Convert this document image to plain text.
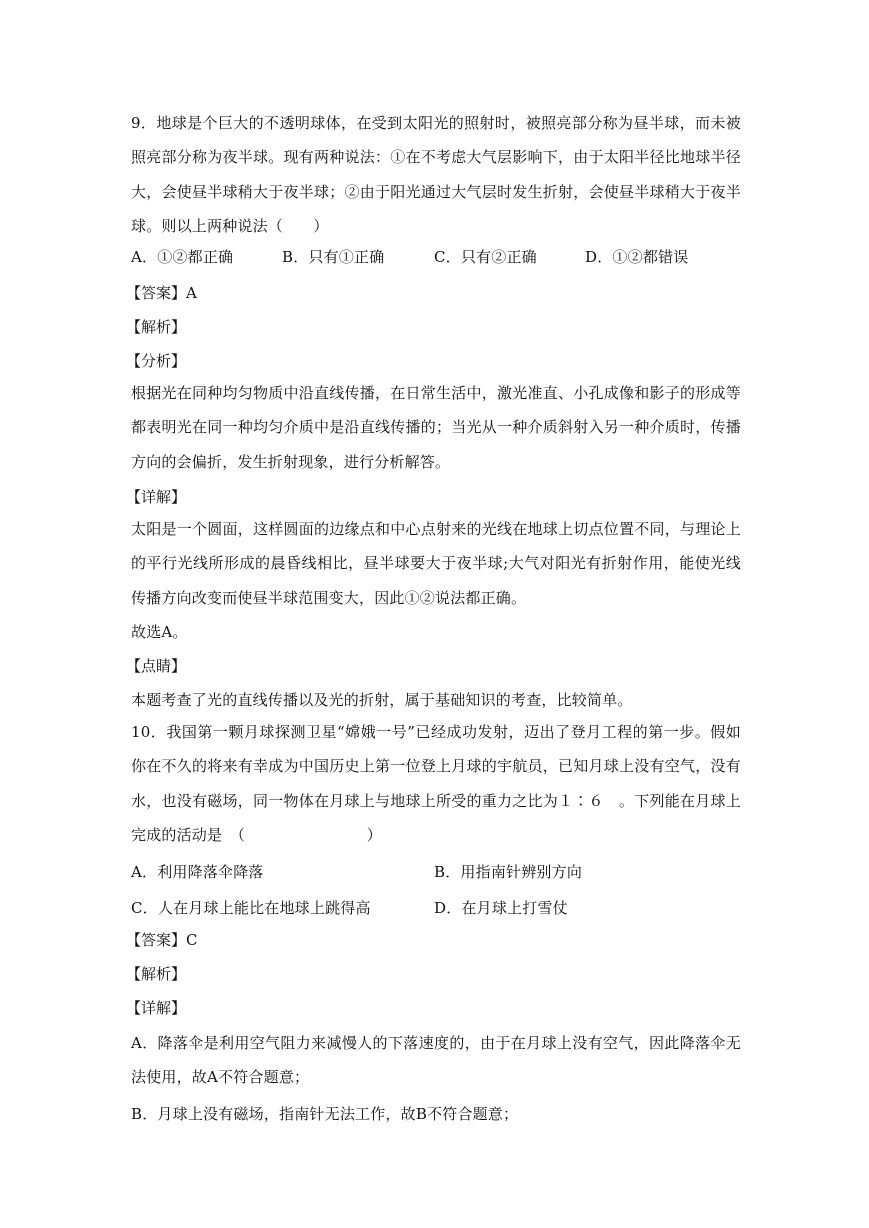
9．地球是个巨大的不透明球体，在受到太阳光的照射时，被照亮部分称为昼半球，而未被照亮部分称为夜半球。现有两种说法：①在不考虑大气层影响下，由于太阳半径比地球半径大，会使昼半球稍大于夜半球；②由于阳光通过大气层时发生折射，会使昼半球稍大于夜半球。则以上两种说法（　　）
A．①②都正确	B．只有①正确	C．只有②正确	D．①②都错误
【答案】A
【解析】
【分析】
根据光在同种均匀物质中沿直线传播，在日常生活中，激光准直、小孔成像和影子的形成等都表明光在同一种均匀介质中是沿直线传播的；当光从一种介质斜射入另一种介质时，传播方向的会偏折，发生折射现象，进行分析解答。
【详解】
太阳是一个圆面，这样圆面的边缘点和中心点射来的光线在地球上切点位置不同，与理论上的平行光线所形成的晨昏线相比，昼半球要大于夜半球;大气对阳光有折射作用，能使光线传播方向改变而使昼半球范围变大，因此①②说法都正确。
故选A。
【点睛】
本题考查了光的直线传播以及光的折射，属于基础知识的考查，比较简单。
10．我国第一颗月球探测卫星“嫦娥一号”已经成功发射，迈出了登月工程的第一步。假如你在不久的将来有幸成为中国历史上第一位登上月球的宇航员，已知月球上没有空气，没有水，也没有磁场，同一物体在月球上与地球上所受的重力之比为１∶６　。下列能在月球上完成的活动是　（　　　　　　　　）
A．利用降落伞降落	B．用指南针辨别方向
C．人在月球上能比在地球上跳得高	D．在月球上打雪仗
【答案】C
【解析】
【详解】
A．降落伞是利用空气阻力来减慢人的下落速度的，由于在月球上没有空气，因此降落伞无法使用，故A不符合题意；
B．月球上没有磁场，指南针无法工作，故B不符合题意；
